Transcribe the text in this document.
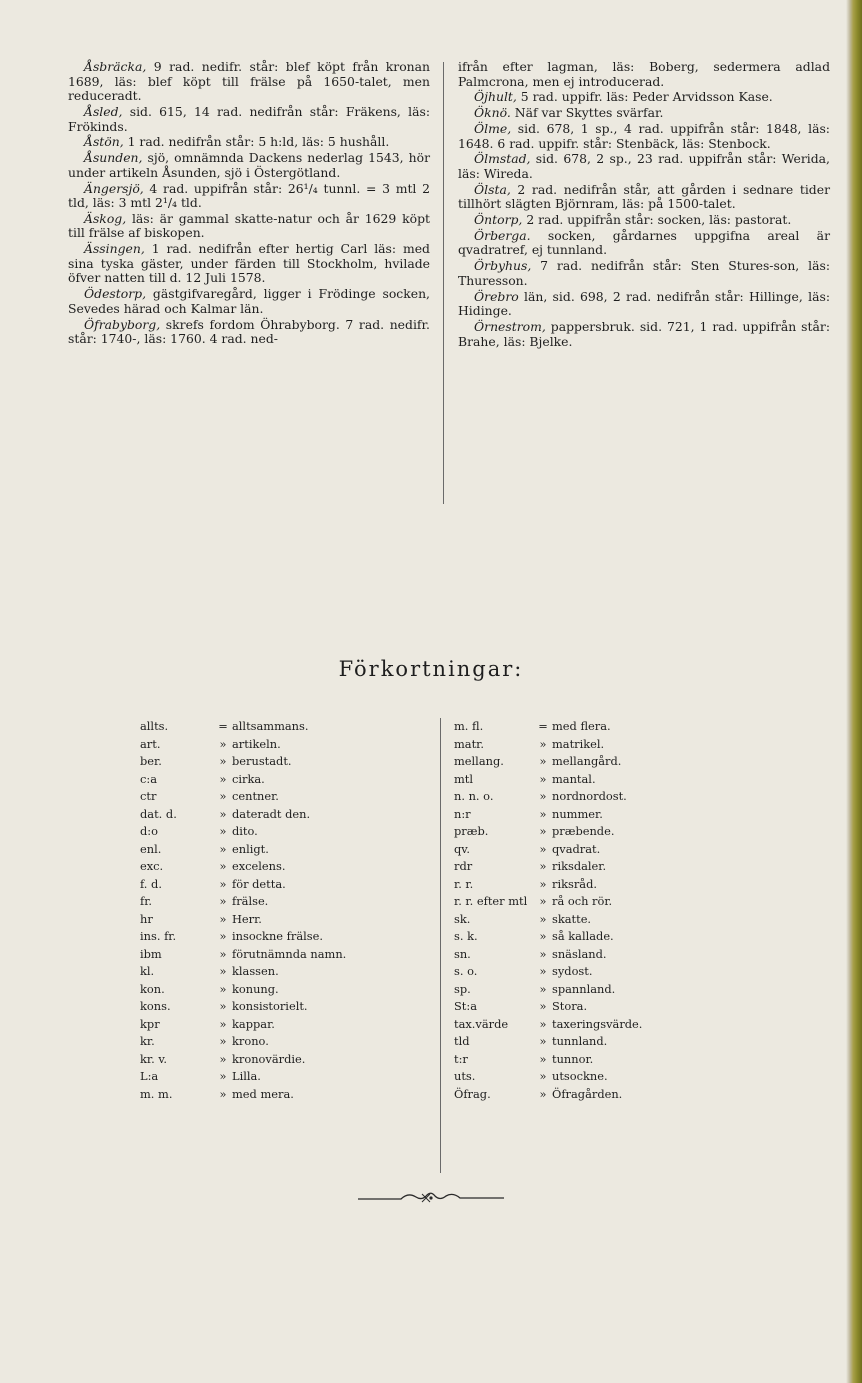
Åsbräcka, 9 rad. nedifr. står: blef köpt från kronan 1689, läs: blef köpt till frälse på 1650-talet, men reduceradt.

Åsled, sid. 615, 14 rad. nedifrån står: Fräkens, läs: Frökinds.

Åstön, 1 rad. nedifrån står: 5 h:ld, läs: 5 hushåll.

Åsunden, sjö, omnämnda Dackens nederlag 1543, hör under artikeln Åsunden, sjö i Östergötland.

Ängersjö, 4 rad. uppifrån står: 26¹/₄ tunnl. = 3 mtl 2 tld, läs: 3 mtl 2¹/₄ tld.

Äskog, läs: är gammal skatte-natur och år 1629 köpt till frälse af biskopen.

Ässingen, 1 rad. nedifrån efter hertig Carl läs: med sina tyska gäster, under färden till Stockholm, hvilade öfver natten till d. 12 Juli 1578.

Ödestorp, gästgifvaregård, ligger i Frödinge socken, Sevedes härad och Kalmar län.

Öfrabyborg, skrefs fordom Öhrabyborg. 7 rad. nedifr. står: 1740-, läs: 1760. 4 rad. ned-

ifrån efter lagman, läs: Boberg, sedermera adlad Palmcrona, men ej introducerad.

Öjhult, 5 rad. uppifr. läs: Peder Arvidsson Kase.

Öknö. Näf var Skyttes svärfar.

Ölme, sid. 678, 1 sp., 4 rad. uppifrån står: 1848, läs: 1648. 6 rad. uppifr. står: Stenbäck, läs: Stenbock.

Ölmstad, sid. 678, 2 sp., 23 rad. uppifrån står: Werida, läs: Wireda.

Ölsta, 2 rad. nedifrån står, att gården i sednare tider tillhört slägten Björnram, läs: på 1500-talet.

Öntorp, 2 rad. uppifrån står: socken, läs: pastorat.

Örberga. socken, gårdarnes uppgifna areal är qvadratref, ej tunnland.

Örbyhus, 7 rad. nedifrån står: Sten Stures-son, läs: Thuresson.

Örebro län, sid. 698, 2 rad. nedifrån står: Hillinge, läs: Hidinge.

Örnestrom, pappersbruk. sid. 721, 1 rad. uppifrån står: Brahe, läs: Bjelke.

Förkortningar:
allts.	= alltsammans.
art.	» artikeln.
ber.	» berustadt.
c:a	» cirka.
ctr	» centner.
dat. d.	» dateradt den.
d:o	» dito.
enl.	» enligt.
exc.	» excelens.
f. d.	» för detta.
fr.	» frälse.
hr	» Herr.
ins. fr.	» insockne frälse.
ibm	» förutnämnda namn.
kl.	» klassen.
kon.	» konung.
kons.	» konsistorielt.
kpr	» kappar.
kr.	» krono.
kr. v.	» kronovärdie.
L:a	» Lilla.
m. m.	» med mera.
m. fl.	= med flera.
matr.	» matrikel.
mellang.	» mellangård.
mtl	» mantal.
n. n. o.	» nordnordost.
n:r	» nummer.
præb.	» præbende.
qv.	» qvadrat.
rdr	» riksdaler.
r. r.	» riksråd.
r. r. efter mtl	» rå och rör.
sk.	» skatte.
s. k.	» så kallade.
sn.	» snäsland.
s. o.	» sydost.
sp.	» spannland.
St:a	» Stora.
tax.värde	» taxeringsvärde.
tld	» tunnland.
t:r	» tunnor.
uts.	» utsockne.
Öfrag.	» Öfragården.
